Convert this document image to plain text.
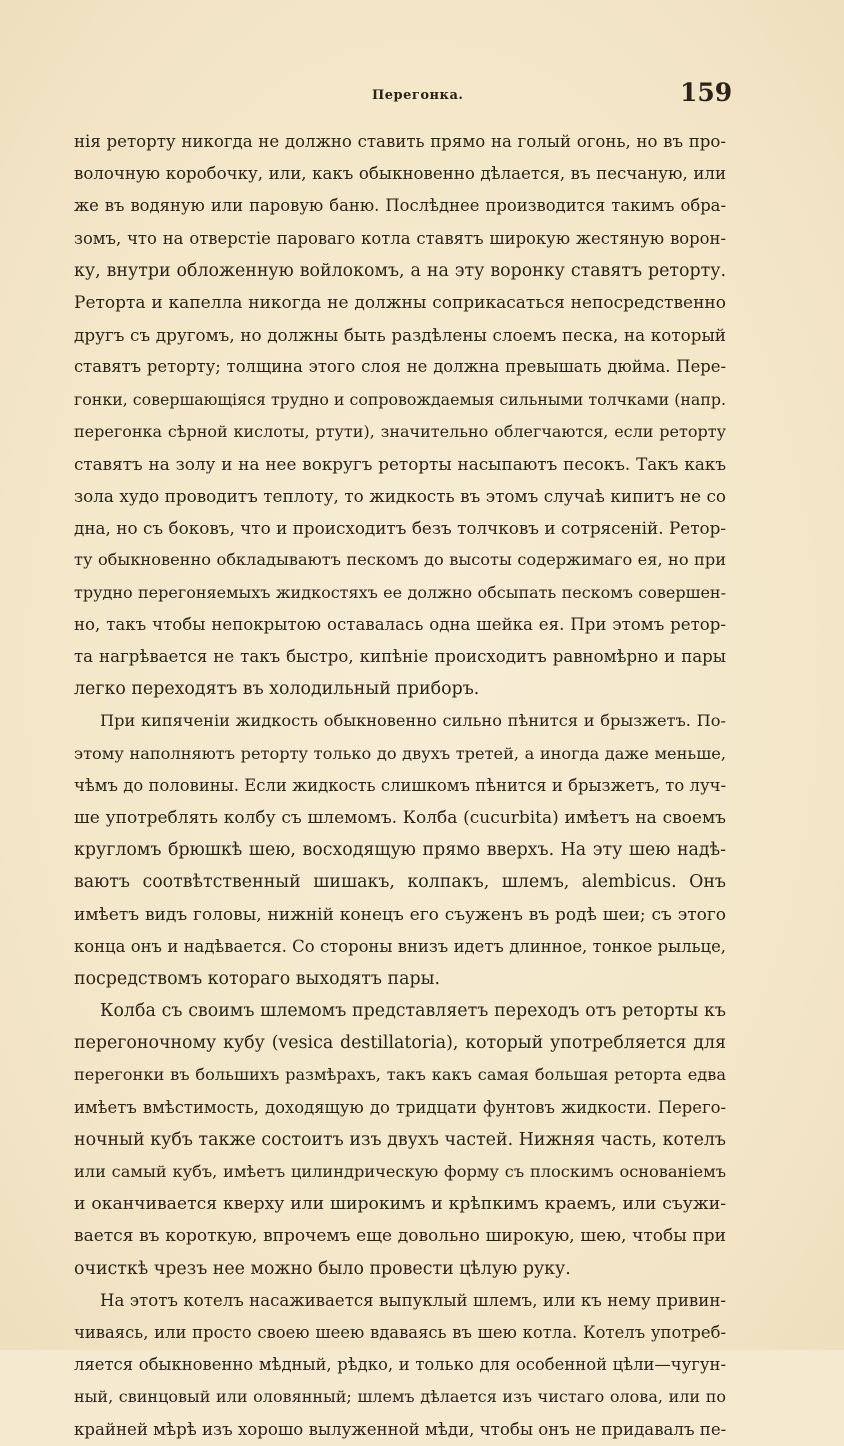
Перегонка.	159
нія реторту никогда не должно ставить прямо на голый огонь, но въ про-
волочную коробочку, или, какъ обыкновенно дѣлается, въ песчаную, или
же въ водяную или паровую баню. Послѣднее производится такимъ обра-
зомъ, что на отверстіе пароваго котла ставятъ широкую жестяную ворон-
ку, внутри обложенную войлокомъ, а на эту воронку ставятъ реторту.
Реторта и капелла никогда не должны соприкасаться непосредственно
другъ съ другомъ, но должны быть раздѣлены слоемъ песка, на который
ставятъ реторту; толщина этого слоя не должна превышать дюйма. Пере-
гонки, совершающіяся трудно и сопровождаемыя сильными толчками (напр.
перегонка сѣрной кислоты, ртути), значительно облегчаются, если реторту
ставятъ на золу и на нее вокругъ реторты насыпаютъ песокъ. Такъ какъ
зола худо проводитъ теплоту, то жидкость въ этомъ случаѣ кипитъ не со
дна, но съ боковъ, что и происходитъ безъ толчковъ и сотрясеній. Ретор-
ту обыкновенно обкладываютъ пескомъ до высоты содержимаго ея, но при
трудно перегоняемыхъ жидкостяхъ ее должно обсыпать пескомъ совершен-
но, такъ чтобы непокрытою оставалась одна шейка ея. При этомъ ретор-
та нагрѣвается не такъ быстро, кипѣніе происходитъ равномѣрно и пары
легко переходятъ въ холодильный приборъ.
При кипяченіи жидкость обыкновенно сильно пѣнится и брызжетъ. По-
этому наполняютъ реторту только до двухъ третей, а иногда даже меньше,
чѣмъ до половины. Если жидкость слишкомъ пѣнится и брызжетъ, то луч-
ше употреблять колбу съ шлемомъ. Колба (cucurbita) имѣетъ на своемъ
кругломъ брюшкѣ шею, восходящую прямо вверхъ. На эту шею надѣ-
ваютъ соотвѣтственный шишакъ, колпакъ, шлемъ, alembicus. Онъ
имѣетъ видъ головы, нижній конецъ его съуженъ въ родѣ шеи; съ этого
конца онъ и надѣвается. Со стороны внизъ идетъ длинное, тонкое рыльце,
посредствомъ котораго выходятъ пары.
Колба съ своимъ шлемомъ представляетъ переходъ отъ реторты къ
перегоночному кубу (vesica destillatoria), который употребляется для
перегонки въ большихъ размѣрахъ, такъ какъ самая большая реторта едва
имѣетъ вмѣстимость, доходящую до тридцати фунтовъ жидкости. Перего-
ночный кубъ также состоитъ изъ двухъ частей. Нижняя часть, котелъ
или самый кубъ, имѣетъ цилиндрическую форму съ плоскимъ основаніемъ
и оканчивается кверху или широкимъ и крѣпкимъ краемъ, или съужи-
вается въ короткую, впрочемъ еще довольно широкую, шею, чтобы при
очисткѣ чрезъ нее можно было провести цѣлую руку.
На этотъ котелъ насаживается выпуклый шлемъ, или къ нему привин-
чиваясь, или просто своею шеею вдаваясь въ шею котла. Котелъ употреб-
ляется обыкновенно мѣдный, рѣдко, и только для особенной цѣли—чугун-
ный, свинцовый или оловянный; шлемъ дѣлается изъ чистаго олова, или по
крайней мѣрѣ изъ хорошо вылуженной мѣди, чтобы онъ не придавалъ пе-
